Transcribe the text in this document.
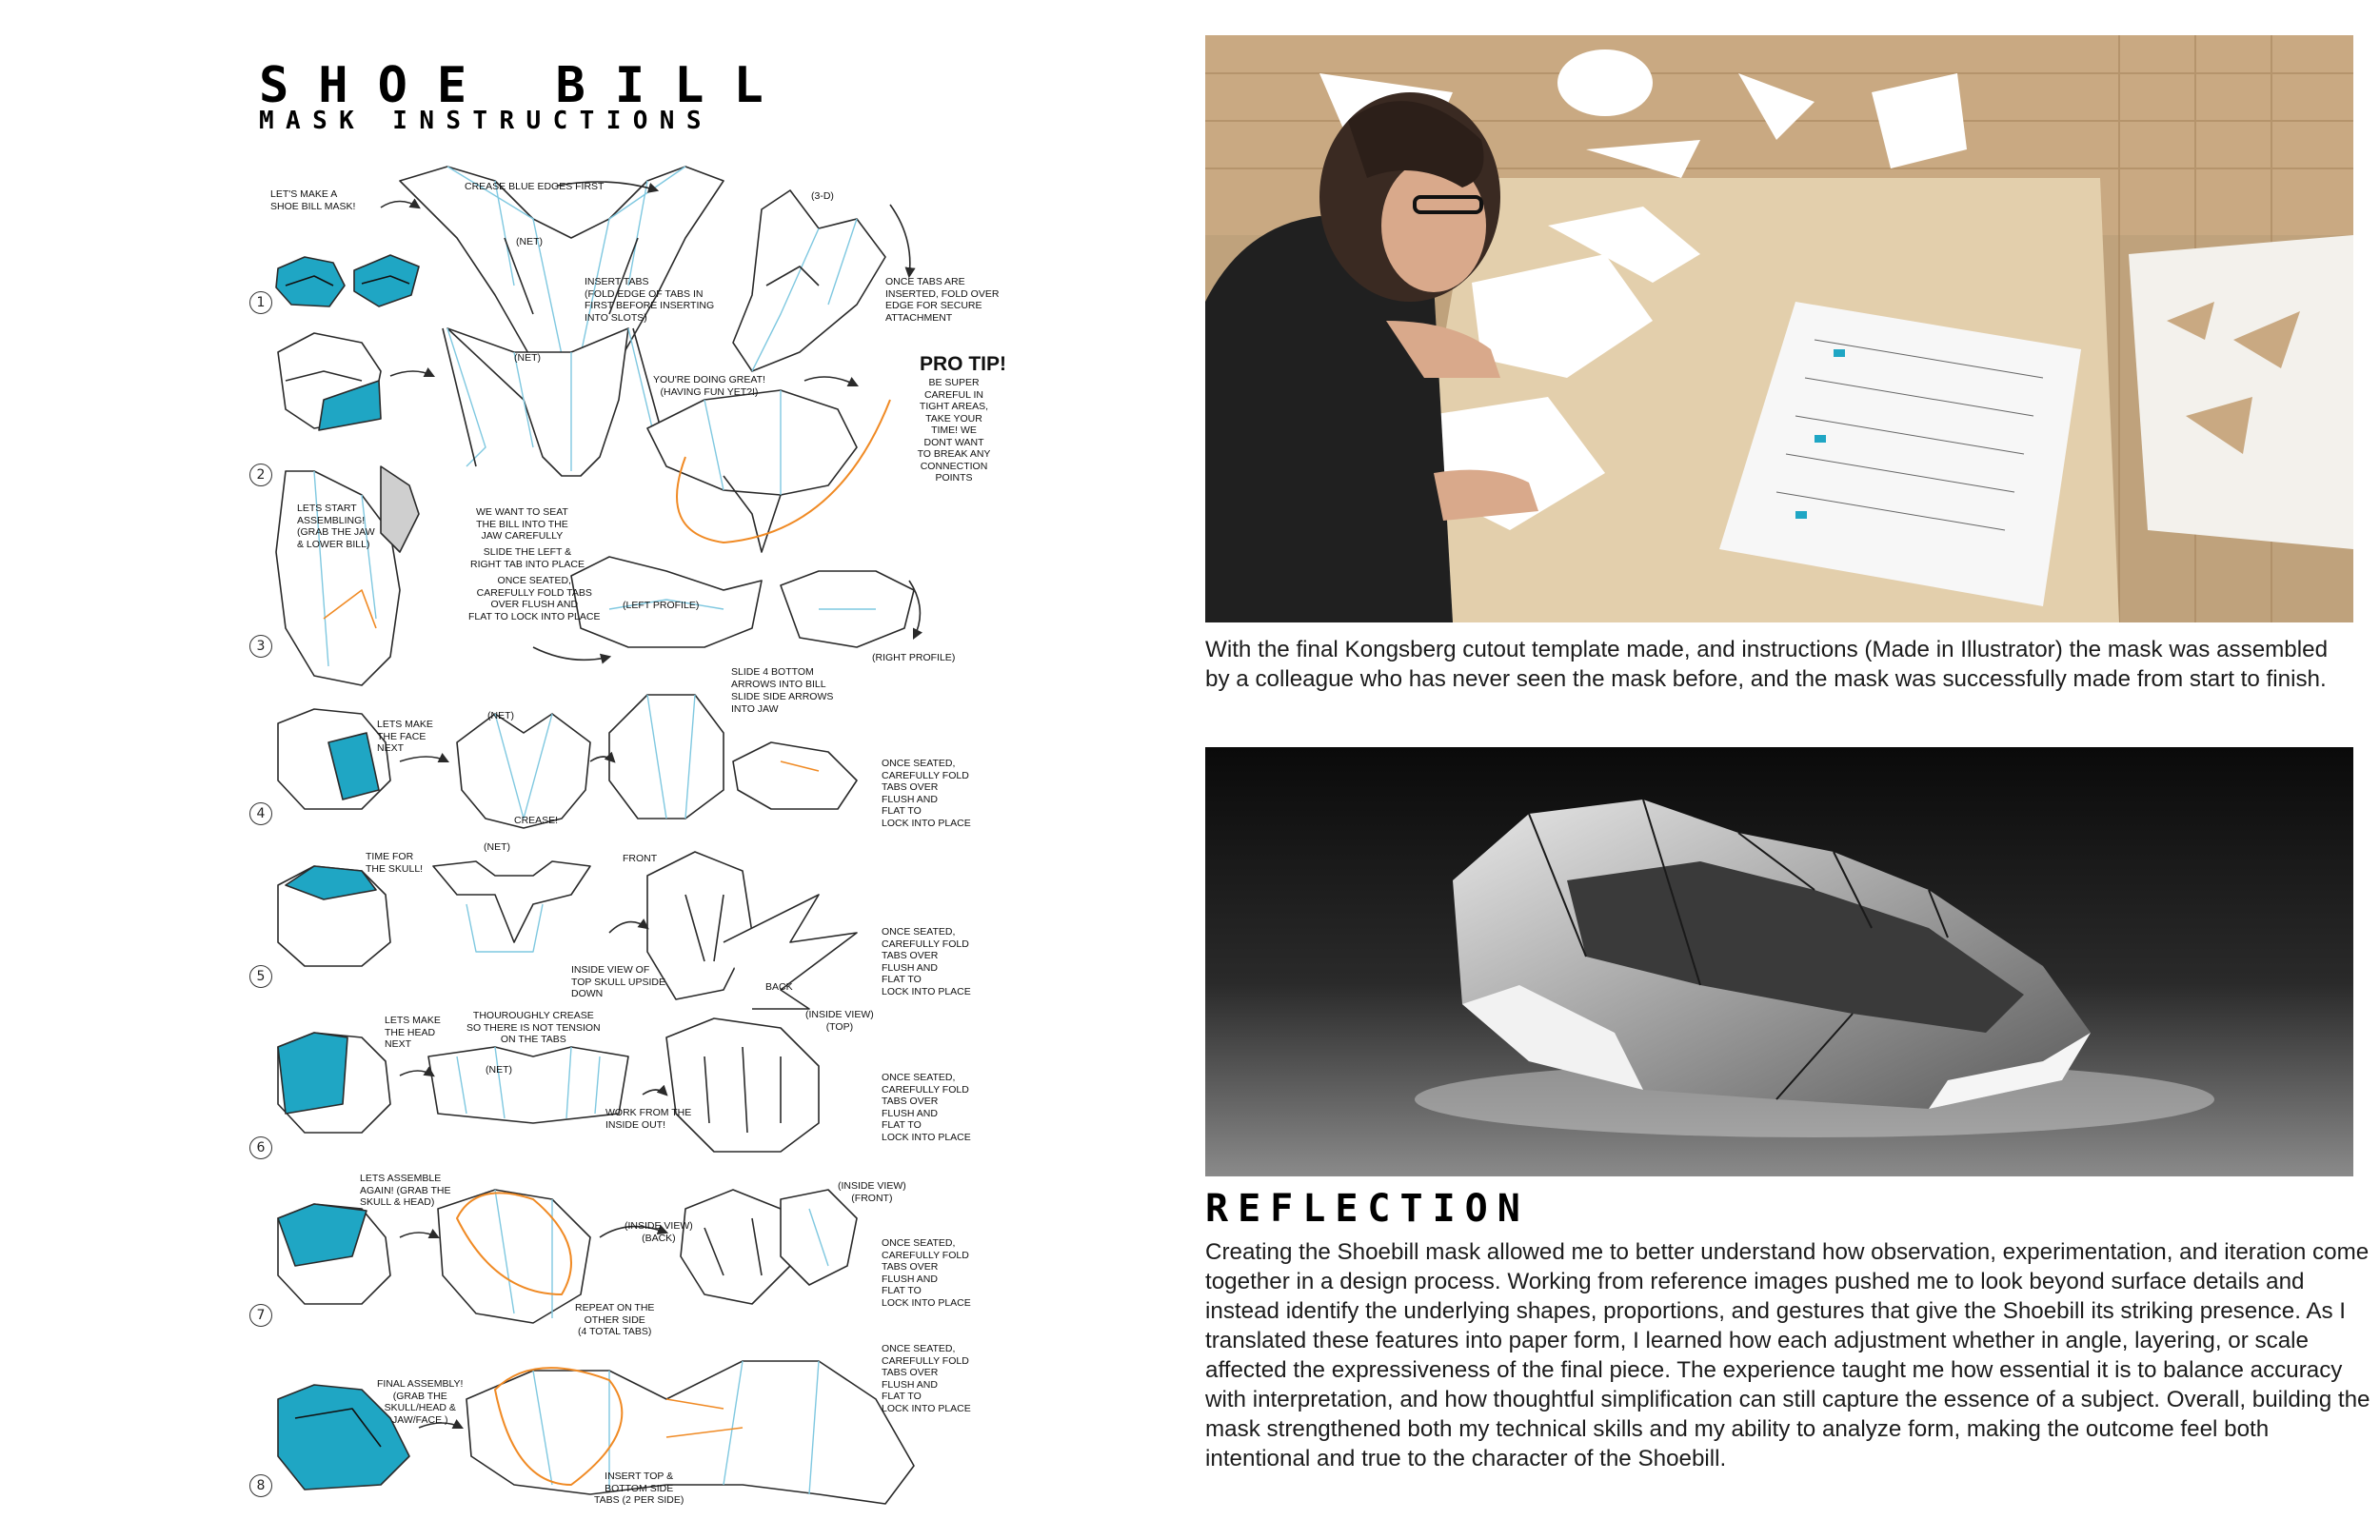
SHOE BILL
MASK INSTRUCTIONS
1
2
3
4
5
6
7
8
LET'S MAKE A
SHOE BILL MASK!
CREASE BLUE EDGES FIRST
(NET)
INSERT TABS
(FOLD EDGE OF TABS IN
FIRST BEFORE INSERTING
INTO SLOTS)
(3-D)
ONCE TABS ARE
INSERTED, FOLD OVER
EDGE FOR SECURE
ATTACHMENT
(NET)
YOU'RE DOING GREAT!
(HAVING FUN YET?!)
PRO TIP!
BE SUPER
CAREFUL IN
TIGHT AREAS,
TAKE YOUR
TIME! WE
DONT WANT
TO BREAK ANY
CONNECTION
POINTS
LETS START
ASSEMBLING!
(GRAB THE JAW
& LOWER BILL)
WE WANT TO SEAT
THE BILL INTO THE
JAW CAREFULLY
SLIDE THE LEFT &
RIGHT TAB INTO PLACE
ONCE SEATED,
CAREFULLY FOLD TABS
OVER FLUSH AND
FLAT TO LOCK INTO PLACE
(LEFT PROFILE)
(RIGHT PROFILE)
LETS MAKE
THE FACE
NEXT
(NET)
SLIDE 4 BOTTOM
ARROWS INTO BILL
SLIDE SIDE ARROWS
INTO JAW
CREASE!
ONCE SEATED,
CAREFULLY FOLD
TABS OVER
FLUSH AND
FLAT TO
LOCK INTO PLACE
TIME FOR
THE SKULL!
(NET)
FRONT
INSIDE VIEW OF
TOP SKULL UPSIDE
DOWN
BACK
ONCE SEATED,
CAREFULLY FOLD
TABS OVER
FLUSH AND
FLAT TO
LOCK INTO PLACE
LETS MAKE
THE HEAD
NEXT
THOUROUGHLY CREASE
SO THERE IS NOT TENSION
ON THE TABS
(NET)
(INSIDE VIEW)
(TOP)
WORK FROM THE
INSIDE OUT!
ONCE SEATED,
CAREFULLY FOLD
TABS OVER
FLUSH AND
FLAT TO
LOCK INTO PLACE
LETS ASSEMBLE
AGAIN! (GRAB THE
SKULL & HEAD)
(INSIDE VIEW)
(BACK)
(INSIDE VIEW)
(FRONT)
REPEAT ON THE
OTHER SIDE
(4 TOTAL TABS)
ONCE SEATED,
CAREFULLY FOLD
TABS OVER
FLUSH AND
FLAT TO
LOCK INTO PLACE
FINAL ASSEMBLY!
(GRAB THE
SKULL/HEAD &
JAW/FACE )
INSERT TOP &
BOTTOM SIDE
TABS (2 PER SIDE)
ONCE SEATED,
CAREFULLY FOLD
TABS OVER
FLUSH AND
FLAT TO
LOCK INTO PLACE
With the final Kongsberg cutout template made, and instructions (Made in Illustrator) the mask was assembled by a colleague who has never seen the mask before, and the mask was successfully made from start to finish.
REFLECTION
Creating the Shoebill mask allowed me to better understand how observation, experimentation, and iteration come together in a design process. Working from reference images pushed me to look beyond surface details and instead identify the underlying shapes, proportions, and gestures that give the Shoebill its striking presence. As I translated these features into paper form, I learned how each adjustment whether in angle, layering, or scale affected the expressiveness of the final piece. The experience taught me how essential it is to balance accuracy with interpretation, and how thoughtful simplification can still capture the essence of a subject. Overall, building the mask strengthened both my technical skills and my ability to analyze form, making the outcome feel both intentional and true to the character of the Shoebill.
